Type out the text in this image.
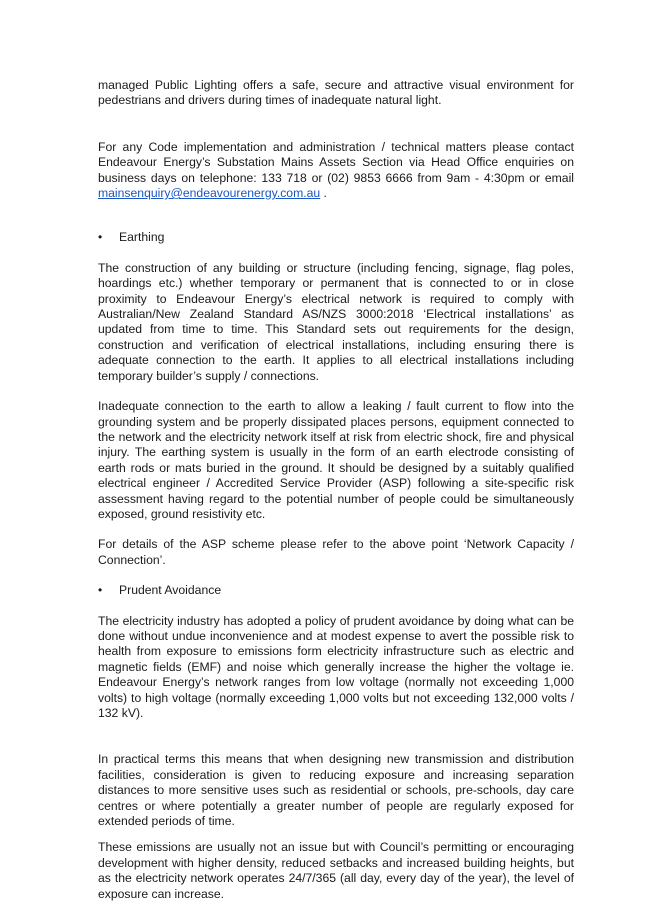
managed Public Lighting offers a safe, secure and attractive visual environment for pedestrians and drivers during times of inadequate natural light.

For any Code implementation and administration / technical matters please contact Endeavour Energy’s Substation Mains Assets Section via Head Office enquiries on business days on telephone: 133 718 or (02) 9853 6666 from 9am - 4:30pm or email mainsenquiry@endeavourenergy.com.au .

•	Earthing

The construction of any building or structure (including fencing, signage, flag poles, hoardings etc.) whether temporary or permanent that is connected to or in close proximity to Endeavour Energy’s electrical network is required to comply with Australian/New Zealand Standard AS/NZS 3000:2018 ‘Electrical installations’ as updated from time to time. This Standard sets out requirements for the design, construction and verification of electrical installations, including ensuring there is adequate connection to the earth. It applies to all electrical installations including temporary builder’s supply / connections.

Inadequate connection to the earth to allow a leaking / fault current to flow into the grounding system and be properly dissipated places persons, equipment connected to the network and the electricity network itself at risk from electric shock, fire and physical injury. The earthing system is usually in the form of an earth electrode consisting of earth rods or mats buried in the ground. It should be designed by a suitably qualified electrical engineer / Accredited Service Provider (ASP) following a site-specific risk assessment having regard to the potential number of people could be simultaneously exposed, ground resistivity etc.

For details of the ASP scheme please refer to the above point ‘Network Capacity / Connection’.

•	Prudent Avoidance

The electricity industry has adopted a policy of prudent avoidance by doing what can be done without undue inconvenience and at modest expense to avert the possible risk to health from exposure to emissions form electricity infrastructure such as electric and magnetic fields (EMF) and noise which generally increase the higher the voltage ie. Endeavour Energy’s network ranges from low voltage (normally not exceeding 1,000 volts) to high voltage (normally exceeding 1,000 volts but not exceeding 132,000 volts / 132 kV).

In practical terms this means that when designing new transmission and distribution facilities, consideration is given to reducing exposure and increasing separation distances to more sensitive uses such as residential or schools, pre-schools, day care centres or where potentially a greater number of people are regularly exposed for extended periods of time.

These emissions are usually not an issue but with Council’s permitting or encouraging development with higher density, reduced setbacks and increased building heights, but as the electricity network operates 24/7/365 (all day, every day of the year), the level of exposure can increase.
